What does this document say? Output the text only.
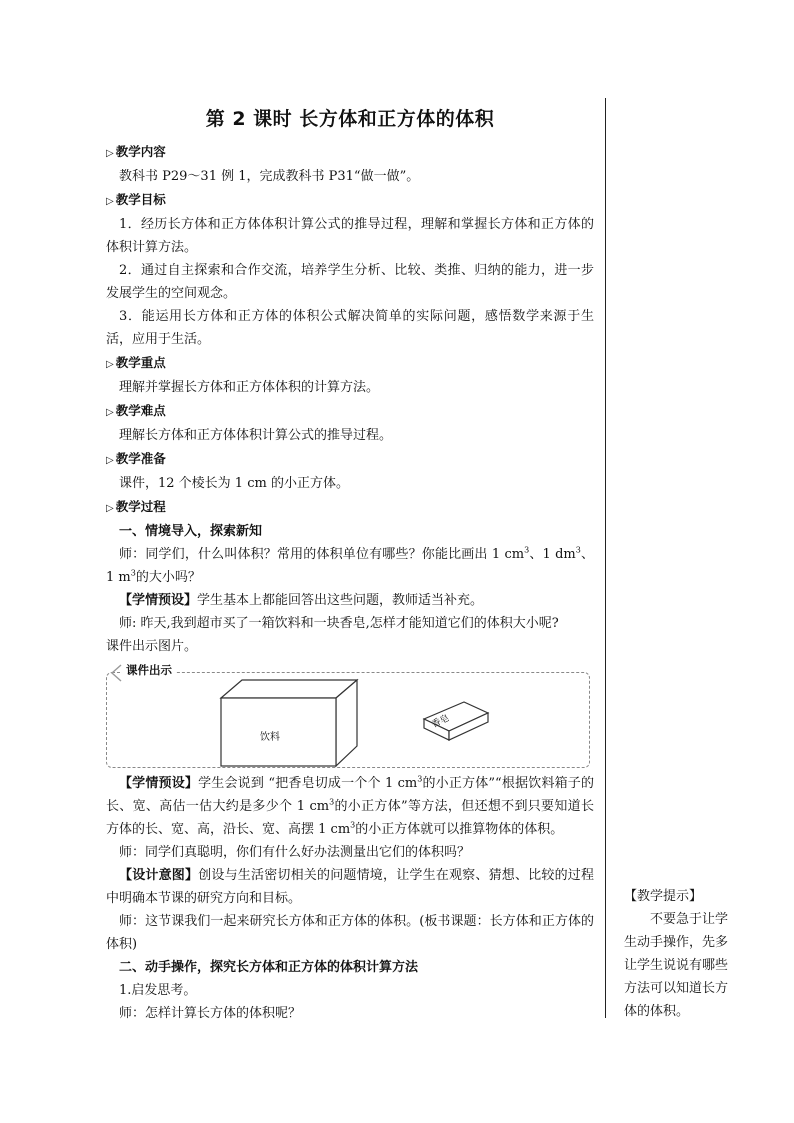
第 2 课时 长方体和正方体的体积
▷ 教学内容
教科书 P29～31 例 1，完成教科书 P31“做一做”。
▷ 教学目标
1．经历长方体和正方体体积计算公式的推导过程，理解和掌握长方体和正方体的体积计算方法。
2．通过自主探索和合作交流，培养学生分析、比较、类推、归纳的能力，进一步发展学生的空间观念。
3．能运用长方体和正方体的体积公式解决简单的实际问题，感悟数学来源于生活，应用于生活。
▷ 教学重点
理解并掌握长方体和正方体体积的计算方法。
▷ 教学难点
理解长方体和正方体体积计算公式的推导过程。
▷ 教学准备
课件，12 个棱长为 1 cm 的小正方体。
▷ 教学过程
一、情境导入，探索新知
师：同学们，什么叫体积？常用的体积单位有哪些？你能比画出 1 $cm^3$、1 $dm^3$、1 $m^3$的大小吗？
【学情预设】学生基本上都能回答出这些问题，教师适当补充。
师: 昨天,我到超市买了一箱饮料和一块香皂,怎样才能知道它们的体积大小呢?
课件出示图片。
课件出示
饮料
香皂
【学情预设】学生会说到 “把香皂切成一个个 1 $cm^3$的小正方体”“根据饮料箱子的长、宽、高估一估大约是多少个 1 $cm^3$的小正方体”等方法，但还想不到只要知道长方体的长、宽、高，沿长、宽、高摆 1 $cm^3$的小正方体就可以推算物体的体积。
师：同学们真聪明，你们有什么好办法测量出它们的体积吗？
【设计意图】创设与生活密切相关的问题情境，让学生在观察、猜想、比较的过程中明确本节课的研究方向和目标。
师：这节课我们一起来研究长方体和正方体的体积。(板书课题：长方体和正方体的体积)
二、动手操作，探究长方体和正方体的体积计算方法
1.启发思考。
师：怎样计算长方体的体积呢？
【教学提示】
不要急于让学生动手操作，先多让学生说说有哪些方法可以知道长方体的体积。
